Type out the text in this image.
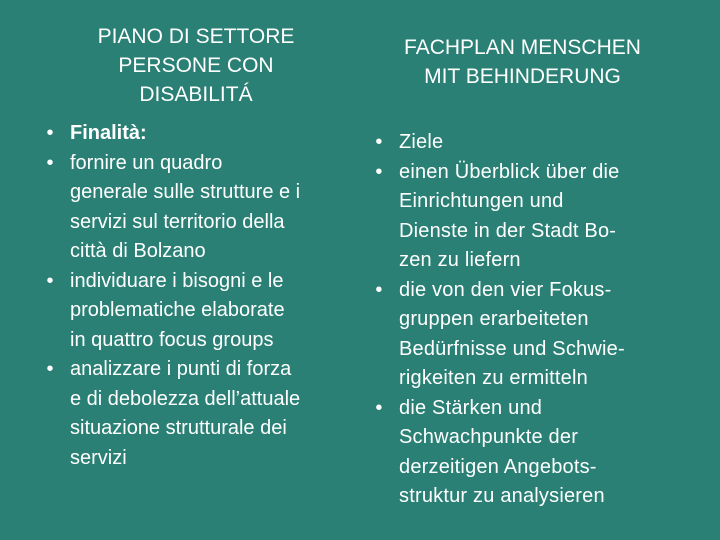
PIANO DI SETTORE
PERSONE CON
DISABILITÁ
• Finalità:
• fornire un quadro
generale sulle strutture e i
servizi sul territorio della
città di Bolzano
• individuare i bisogni e le
problematiche elaborate
in quattro focus groups
• analizzare i punti di forza
e di debolezza dell’attuale
situazione strutturale dei
servizi
FACHPLAN MENSCHEN
MIT BEHINDERUNG
• Ziele
• einen Überblick über die
Einrichtungen und
Dienste in der Stadt Bo-
zen zu liefern
• die von den vier Fokus-
gruppen erarbeiteten
Bedürfnisse und Schwie-
rigkeiten zu ermitteln
• die Stärken und
Schwachpunkte der
derzeitigen Angebots-
struktur zu analysieren
